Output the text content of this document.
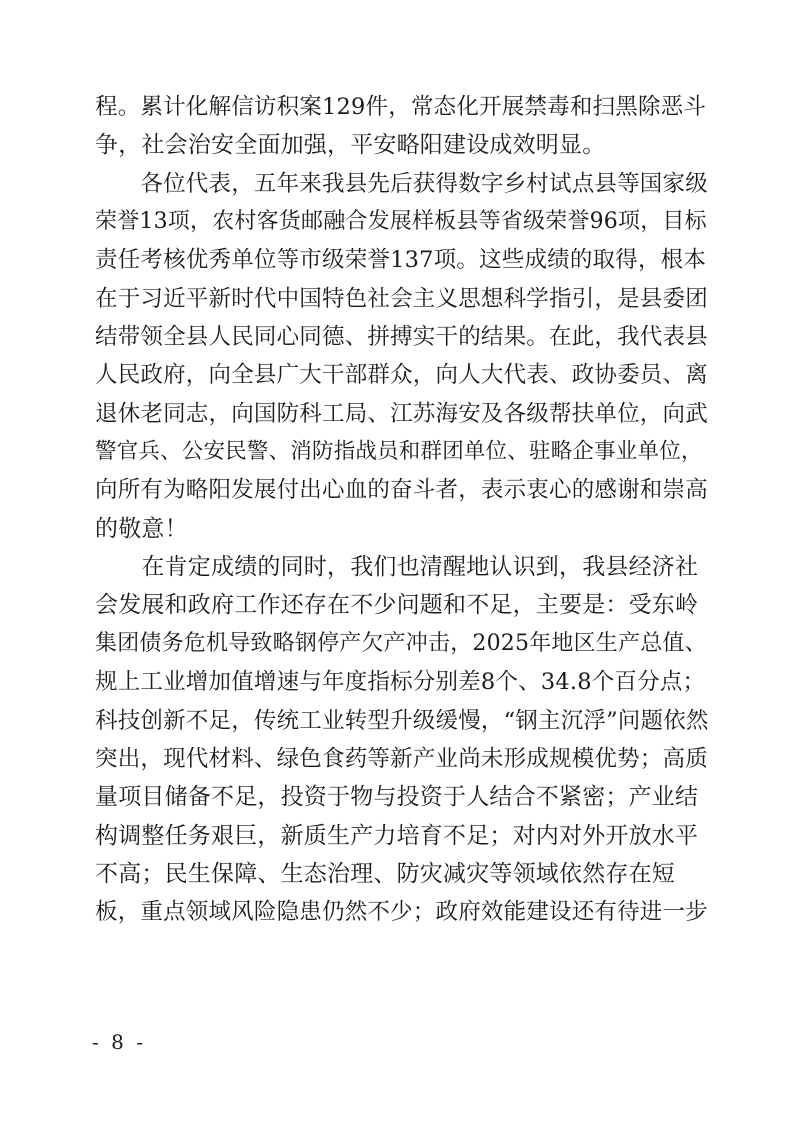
程。累计化解信访积案129件，常态化开展禁毒和扫黑除恶斗
争，社会治安全面加强，平安略阳建设成效明显。
　　各位代表，五年来我县先后获得数字乡村试点县等国家级
荣誉13项，农村客货邮融合发展样板县等省级荣誉96项，目标
责任考核优秀单位等市级荣誉137项。这些成绩的取得，根本
在于习近平新时代中国特色社会主义思想科学指引，是县委团
结带领全县人民同心同德、拼搏实干的结果。在此，我代表县
人民政府，向全县广大干部群众，向人大代表、政协委员、离
退休老同志，向国防科工局、江苏海安及各级帮扶单位，向武
警官兵、公安民警、消防指战员和群团单位、驻略企事业单位，
向所有为略阳发展付出心血的奋斗者，表示衷心的感谢和崇高
的敬意！
　　在肯定成绩的同时，我们也清醒地认识到，我县经济社
会发展和政府工作还存在不少问题和不足，主要是：受东岭
集团债务危机导致略钢停产欠产冲击，2025年地区生产总值、
规上工业增加值增速与年度指标分别差8个、34.8个百分点；
科技创新不足，传统工业转型升级缓慢，“钢主沉浮”问题依然
突出，现代材料、绿色食药等新产业尚未形成规模优势；高质
量项目储备不足，投资于物与投资于人结合不紧密；产业结
构调整任务艰巨，新质生产力培育不足；对内对外开放水平
不高；民生保障、生态治理、防灾减灾等领域依然存在短
板，重点领域风险隐患仍然不少；政府效能建设还有待进一步
- 8 -
